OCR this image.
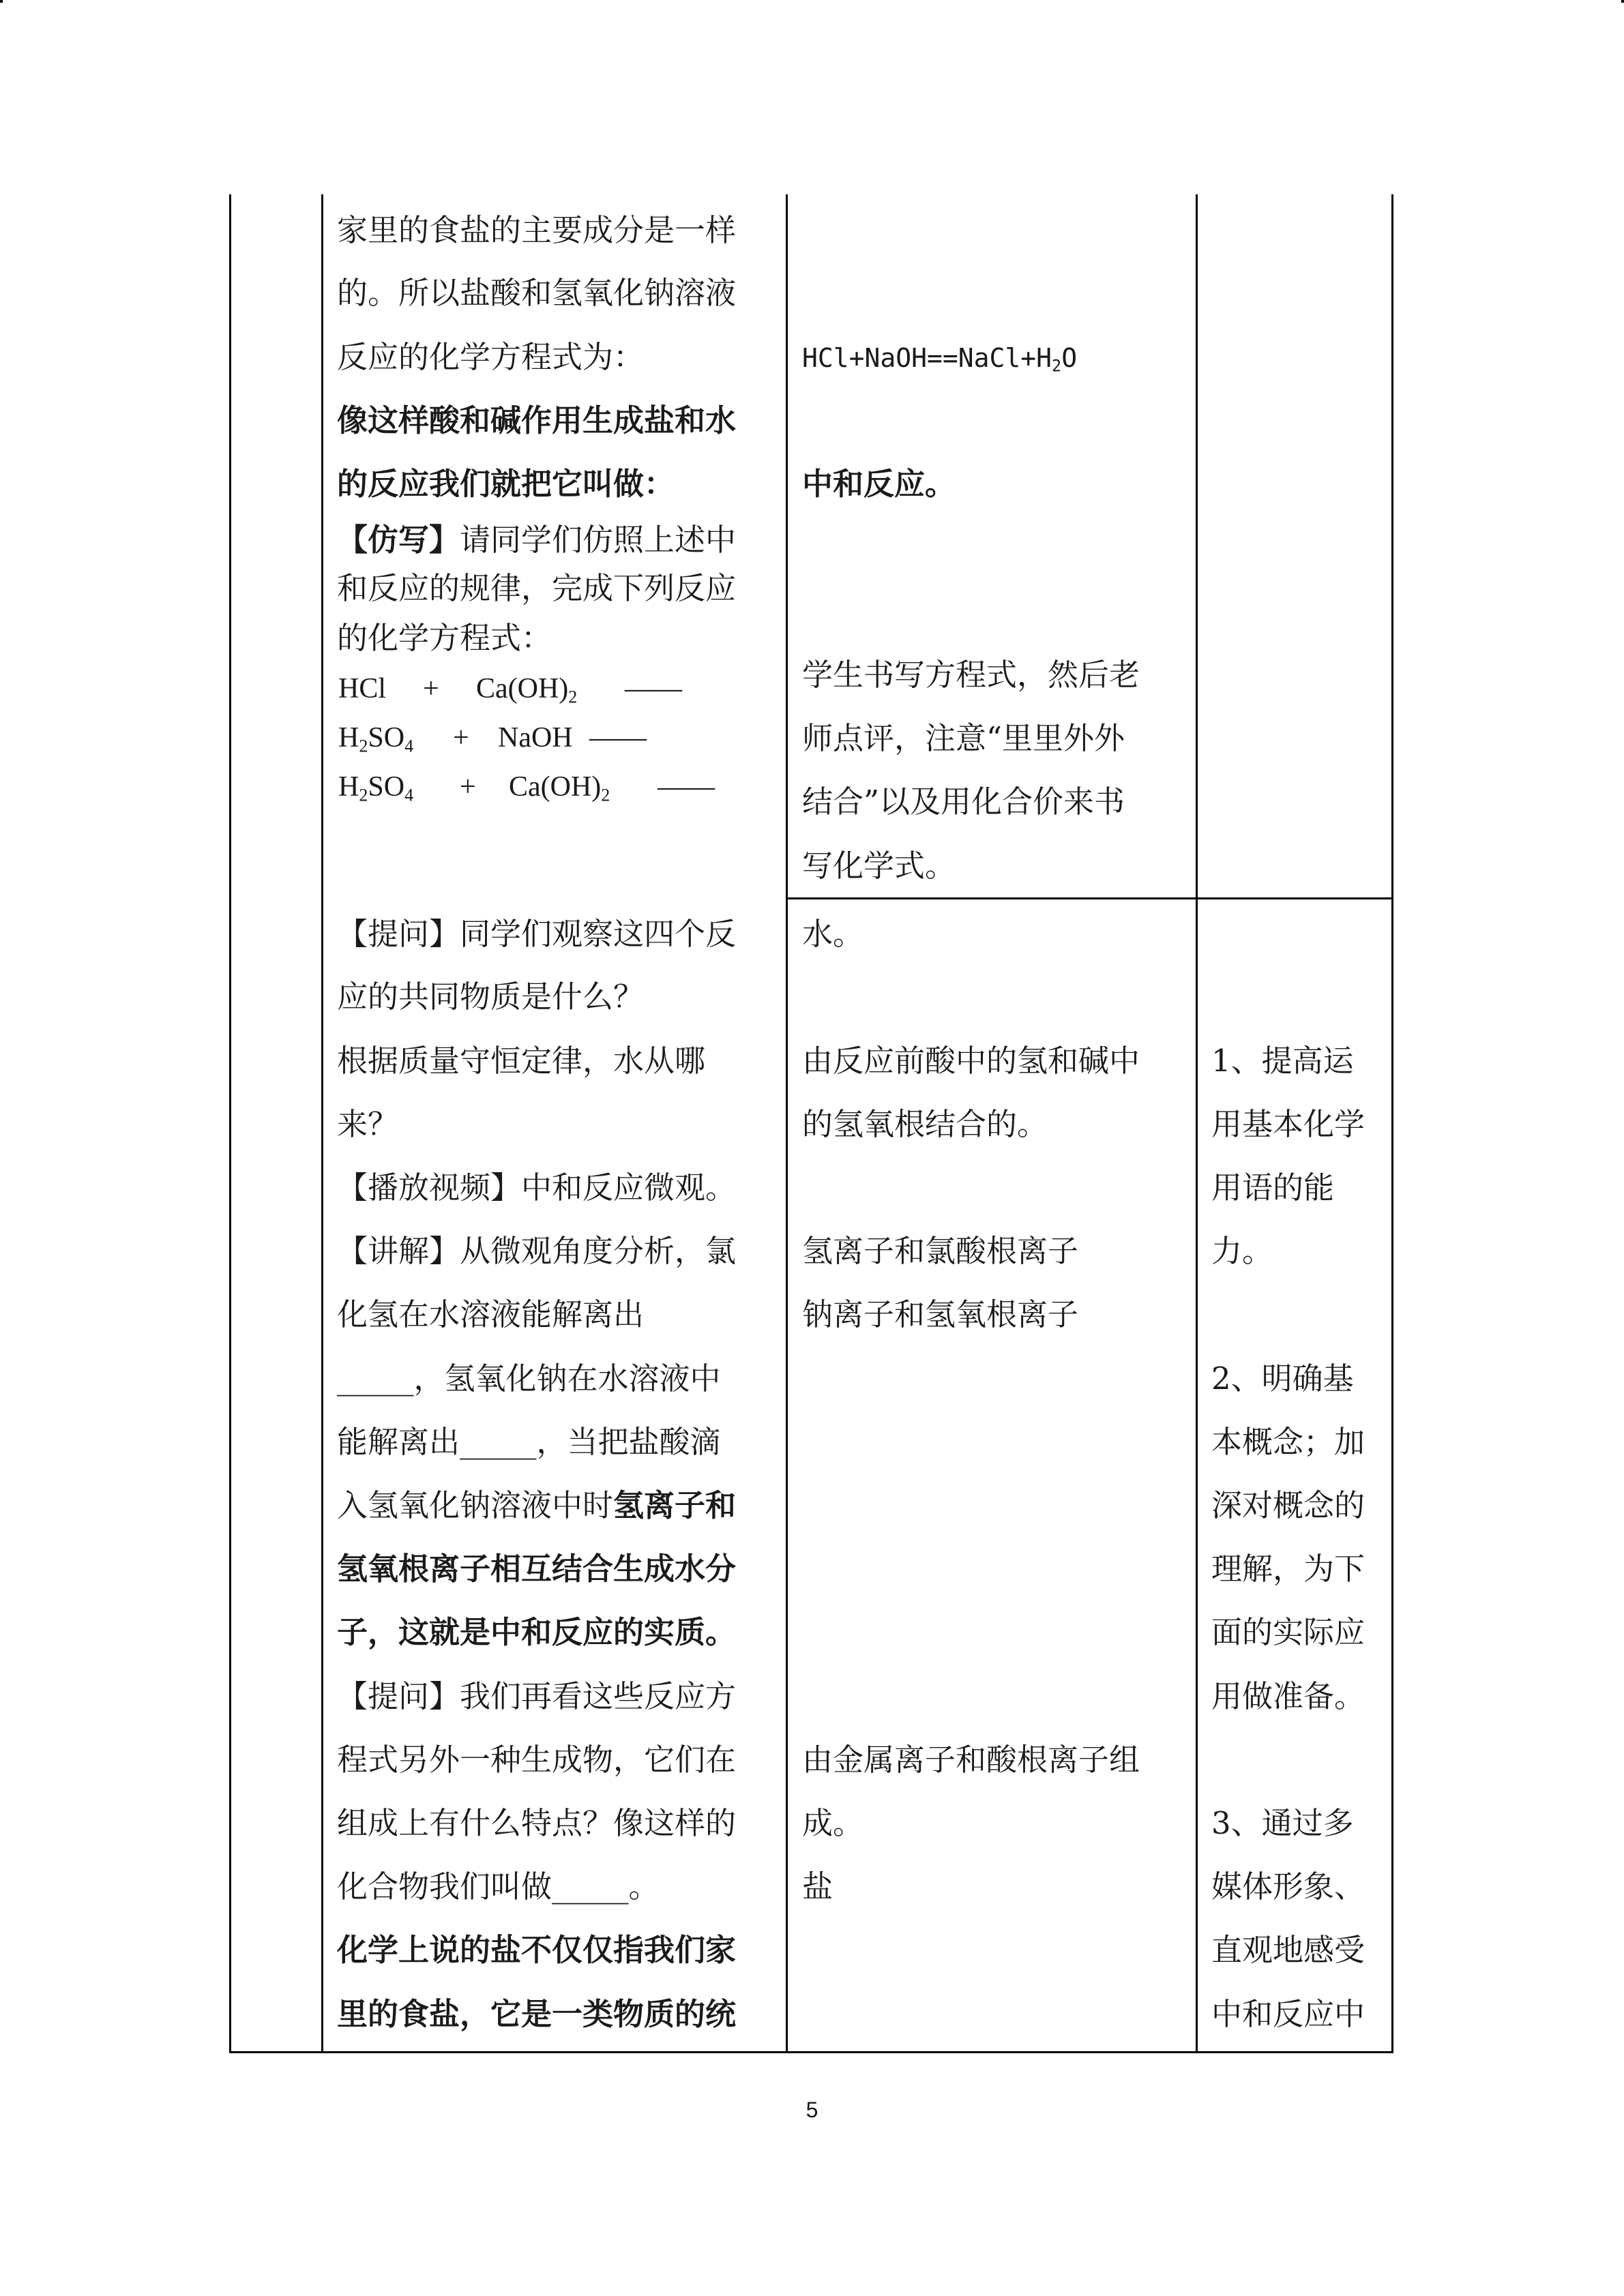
家里的食盐的主要成分是一样
的。所以盐酸和氢氧化钠溶液
反应的化学方程式为：
像这样酸和碱作用生成盐和水
的反应我们就把它叫做：
【仿写】请同学们仿照上述中
和反应的规律，完成下列反应
的化学方程式：
HCl + $Ca(OH)_2$ ——
$H_2SO_4$ + NaOH ——
$H_2SO_4 + Ca(OH)_2$ ——
$HCl+NaOH==NaCl+H_2O$
中和反应。
学生书写方程式，然后老
师点评，注意“里里外外
结合”以及用化合价来书
写化学式。
【提问】同学们观察这四个反
应的共同物质是什么？
根据质量守恒定律，水从哪
来？
【播放视频】中和反应微观。
【讲解】从微观角度分析，氯
化氢在水溶液能解离出
_____，氢氧化钠在水溶液中
能解离出_____，当把盐酸滴
入氢氧化钠溶液中时氢离子和
氢氧根离子相互结合生成水分
子，这就是中和反应的实质。
【提问】我们再看这些反应方
程式另外一种生成物，它们在
组成上有什么特点？像这样的
化合物我们叫做_____。
化学上说的盐不仅仅指我们家
里的食盐，它是一类物质的统
水。
由反应前酸中的氢和碱中
的氢氧根结合的。
氢离子和氯酸根离子
钠离子和氢氧根离子
由金属离子和酸根离子组
成。
盐
1、提高运
用基本化学
用语的能
力。
2、明确基
本概念；加
深对概念的
理解，为下
面的实际应
用做准备。
3、通过多
媒体形象、
直观地感受
中和反应中
5
